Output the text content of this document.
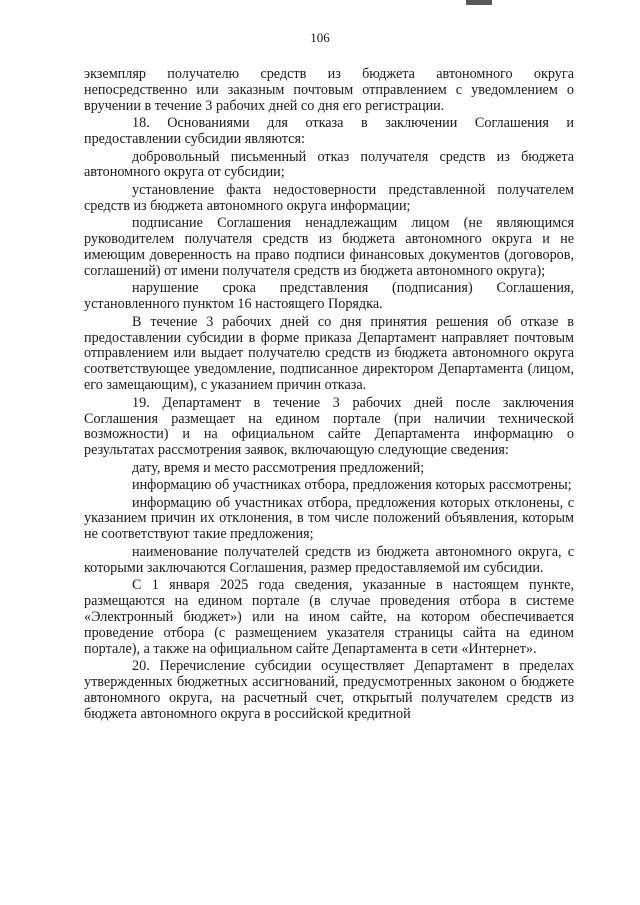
106

экземпляр получателю средств из бюджета автономного округа непосредственно или заказным почтовым отправлением с уведомлением о вручении в течение 3 рабочих дней со дня его регистрации.

18. Основаниями для отказа в заключении Соглашения и предоставлении субсидии являются:

добровольный письменный отказ получателя средств из бюджета автономного округа от субсидии;

установление факта недостоверности представленной получателем средств из бюджета автономного округа информации;

подписание Соглашения ненадлежащим лицом (не являющимся руководителем получателя средств из бюджета автономного округа и не имеющим доверенность на право подписи финансовых документов (договоров, соглашений) от имени получателя средств из бюджета автономного округа);

нарушение срока представления (подписания) Соглашения, установленного пунктом 16 настоящего Порядка.

В течение 3 рабочих дней со дня принятия решения об отказе в предоставлении субсидии в форме приказа Департамент направляет почтовым отправлением или выдает получателю средств из бюджета автономного округа соответствующее уведомление, подписанное директором Департамента (лицом, его замещающим), с указанием причин отказа.

19. Департамент в течение 3 рабочих дней после заключения Соглашения размещает на едином портале (при наличии технической возможности) и на официальном сайте Департамента информацию о результатах рассмотрения заявок, включающую следующие сведения:

дату, время и место рассмотрения предложений;

информацию об участниках отбора, предложения которых рассмотрены;

информацию об участниках отбора, предложения которых отклонены, с указанием причин их отклонения, в том числе положений объявления, которым не соответствуют такие предложения;

наименование получателей средств из бюджета автономного округа, с которыми заключаются Соглашения, размер предоставляемой им субсидии.

С 1 января 2025 года сведения, указанные в настоящем пункте, размещаются на едином портале (в случае проведения отбора в системе «Электронный бюджет») или на ином сайте, на котором обеспечивается проведение отбора (с размещением указателя страницы сайта на едином портале), а также на официальном сайте Департамента в сети «Интернет».

20. Перечисление субсидии осуществляет Департамент в пределах утвержденных бюджетных ассигнований, предусмотренных законом о бюджете автономного округа, на расчетный счет, открытый получателем средств из бюджета автономного округа в российской кредитной
